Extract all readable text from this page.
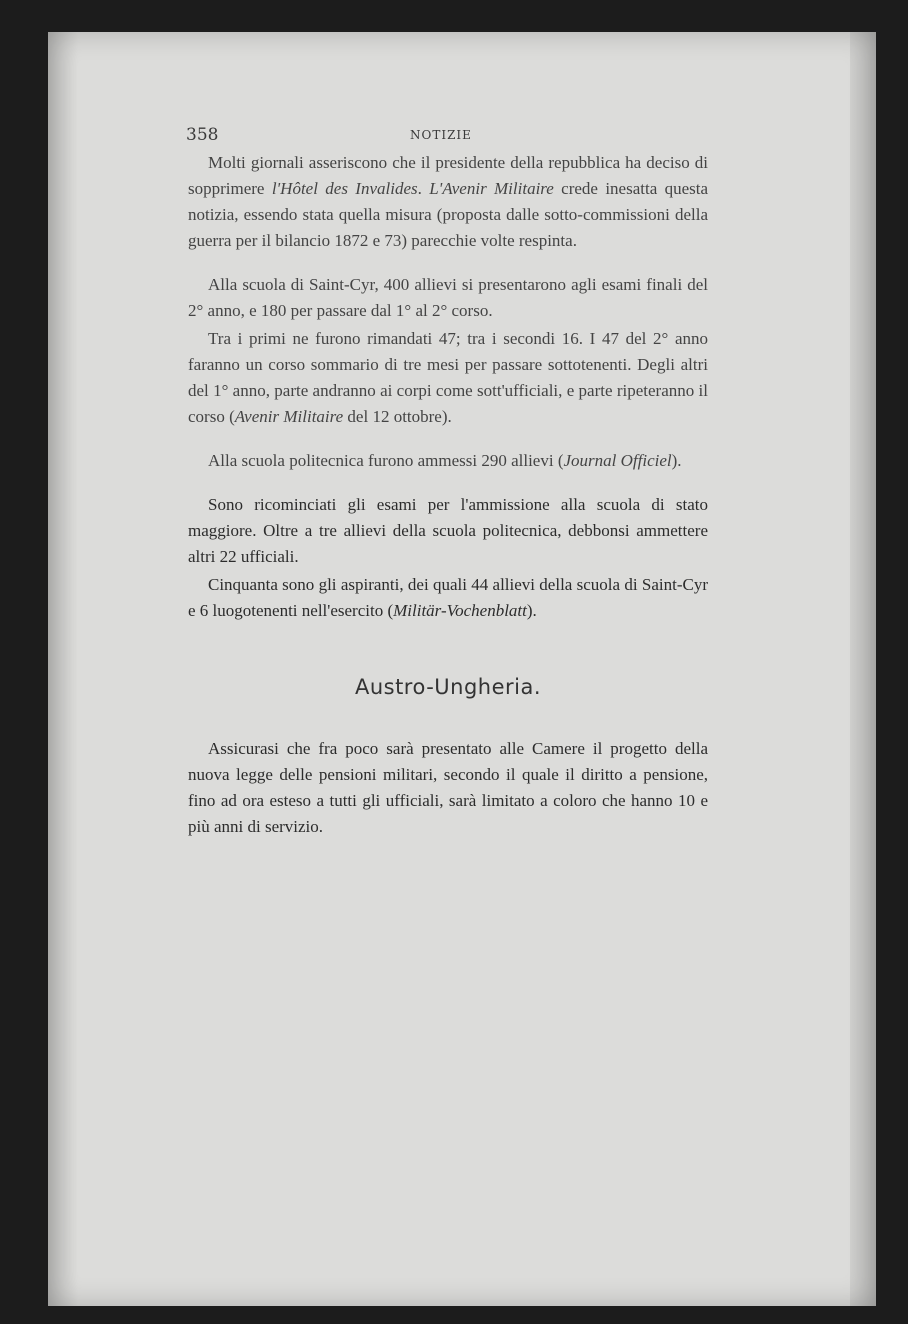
358	NOTIZIE

Molti giornali asseriscono che il presidente della repubblica ha deciso di sopprimere l'Hôtel des Invalides. L'Avenir Militaire crede inesatta questa notizia, essendo stata quella misura (proposta dalle sotto-commissioni della guerra per il bilancio 1872 e 73) parecchie volte respinta.

Alla scuola di Saint-Cyr, 400 allievi si presentarono agli esami finali del 2° anno, e 180 per passare dal 1° al 2° corso.

Tra i primi ne furono rimandati 47; tra i secondi 16. I 47 del 2° anno faranno un corso sommario di tre mesi per passare sottotenenti. Degli altri del 1° anno, parte andranno ai corpi come sott'ufficiali, e parte ripeteranno il corso (Avenir Militaire del 12 ottobre).

Alla scuola politecnica furono ammessi 290 allievi (Journal Officiel).

Sono ricominciati gli esami per l'ammissione alla scuola di stato maggiore. Oltre a tre allievi della scuola politecnica, debbonsi ammettere altri 22 ufficiali.

Cinquanta sono gli aspiranti, dei quali 44 allievi della scuola di Saint-Cyr e 6 luogotenenti nell'esercito (Militär-Vochenblatt).

Austro-Ungheria.

Assicurasi che fra poco sarà presentato alle Camere il progetto della nuova legge delle pensioni militari, secondo il quale il diritto a pensione, fino ad ora esteso a tutti gli ufficiali, sarà limitato a coloro che hanno 10 e più anni di servizio.
